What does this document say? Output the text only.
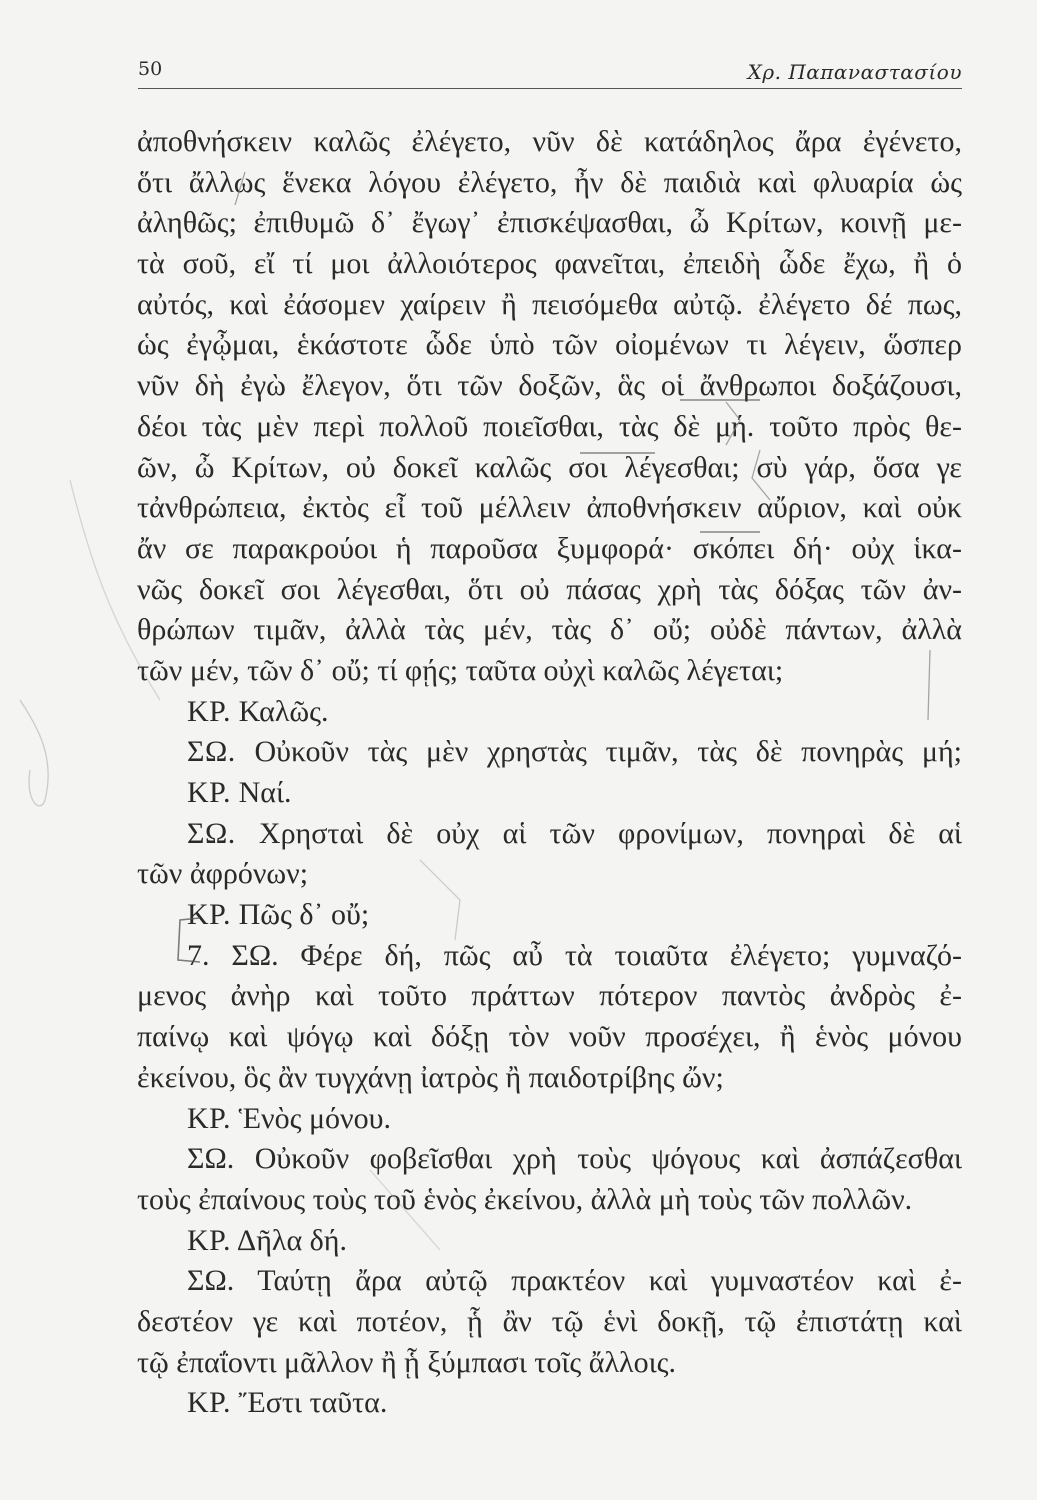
50	Χρ. Παπαναστασίου
ἀποθνήσκειν καλῶς ἐλέγετο, νῦν δὲ κατάδηλος ἄρα ἐγένετο,
ὅτι ἄλλως ἕνεκα λόγου ἐλέγετο, ἦν δὲ παιδιὰ καὶ φλυαρία ὡς
ἀληθῶς; ἐπιθυμῶ δ᾽ ἔγωγ᾽ ἐπισκέψασθαι, ὦ Κρίτων, κοινῇ με-
τὰ σοῦ, εἴ τί μοι ἀλλοιότερος φανεῖται, ἐπειδὴ ὧδε ἔχω, ἢ ὁ
αὐτός, καὶ ἐάσομεν χαίρειν ἢ πεισόμεθα αὐτῷ. ἐλέγετο δέ πως,
ὡς ἐγᾦμαι, ἑκάστοτε ὧδε ὑπὸ τῶν οἰομένων τι λέγειν, ὥσπερ
νῦν δὴ ἐγὼ ἔλεγον, ὅτι τῶν δοξῶν, ἃς οἱ ἄνθρωποι δοξάζουσι,
δέοι τὰς μὲν περὶ πολλοῦ ποιεῖσθαι, τὰς δὲ μή. τοῦτο πρὸς θε-
ῶν, ὦ Κρίτων, οὐ δοκεῖ καλῶς σοι λέγεσθαι; σὺ γάρ, ὅσα γε
τἀνθρώπεια, ἐκτὸς εἶ τοῦ μέλλειν ἀποθνήσκειν αὔριον, καὶ οὐκ
ἄν σε παρακρούοι ἡ παροῦσα ξυμφορά· σκόπει δή· οὐχ ἱκα-
νῶς δοκεῖ σοι λέγεσθαι, ὅτι οὐ πάσας χρὴ τὰς δόξας τῶν ἀν-
θρώπων τιμᾶν, ἀλλὰ τὰς μέν, τὰς δ᾽ οὔ; οὐδὲ πάντων, ἀλλὰ
τῶν μέν, τῶν δ᾽ οὔ; τί φῄς; ταῦτα οὐχὶ καλῶς λέγεται;
ΚΡ. Καλῶς.
ΣΩ. Οὐκοῦν τὰς μὲν χρηστὰς τιμᾶν, τὰς δὲ πονηρὰς μή;
ΚΡ. Ναί.
ΣΩ. Χρησταὶ δὲ οὐχ αἱ τῶν φρονίμων, πονηραὶ δὲ αἱ
τῶν ἀφρόνων;
ΚΡ. Πῶς δ᾽ οὔ;
7. ΣΩ. Φέρε δή, πῶς αὖ τὰ τοιαῦτα ἐλέγετο; γυμναζό-
μενος ἀνὴρ καὶ τοῦτο πράττων πότερον παντὸς ἀνδρὸς ἐ-
παίνῳ καὶ ψόγῳ καὶ δόξῃ τὸν νοῦν προσέχει, ἢ ἑνὸς μόνου
ἐκείνου, ὃς ἂν τυγχάνῃ ἰατρὸς ἢ παιδοτρίβης ὤν;
ΚΡ. Ἑνὸς μόνου.
ΣΩ. Οὐκοῦν φοβεῖσθαι χρὴ τοὺς ψόγους καὶ ἀσπάζεσθαι
τοὺς ἐπαίνους τοὺς τοῦ ἑνὸς ἐκείνου, ἀλλὰ μὴ τοὺς τῶν πολλῶν.
ΚΡ. Δῆλα δή.
ΣΩ. Ταύτῃ ἄρα αὐτῷ πρακτέον καὶ γυμναστέον καὶ ἐ-
δεστέον γε καὶ ποτέον, ᾗ ἂν τῷ ἑνὶ δοκῇ, τῷ ἐπιστάτῃ καὶ
τῷ ἐπαΐοντι μᾶλλον ἢ ᾗ ξύμπασι τοῖς ἄλλοις.
ΚΡ. Ἔστι ταῦτα.
